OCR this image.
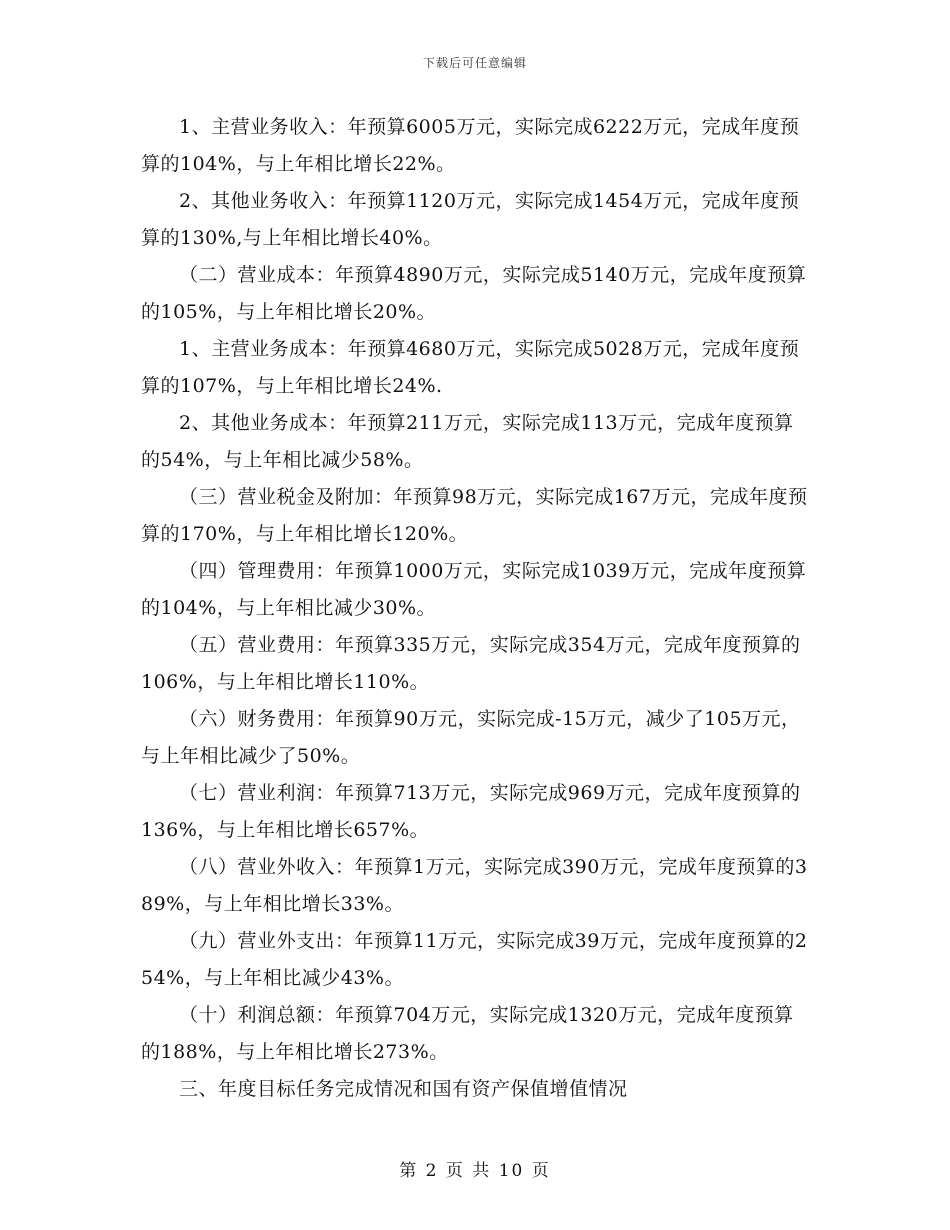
下载后可任意编辑

1、主营业务收入：年预算6005万元，实际完成6222万元，完成年度预算的104%，与上年相比增长22%。

2、其他业务收入：年预算1120万元，实际完成1454万元，完成年度预算的130%,与上年相比增长40%。

（二）营业成本：年预算4890万元，实际完成5140万元，完成年度预算的105%，与上年相比增长20%。

1、主营业务成本：年预算4680万元，实际完成5028万元，完成年度预算的107%，与上年相比增长24%.

2、其他业务成本：年预算211万元，实际完成113万元，完成年度预算的54%，与上年相比减少58%。

（三）营业税金及附加：年预算98万元，实际完成167万元，完成年度预算的170%，与上年相比增长120%。

（四）管理费用：年预算1000万元，实际完成1039万元，完成年度预算的104%，与上年相比减少30%。

（五）营业费用：年预算335万元，实际完成354万元，完成年度预算的106%，与上年相比增长110%。

（六）财务费用：年预算90万元，实际完成-15万元，减少了105万元，与上年相比减少了50%。

（七）营业利润：年预算713万元，实际完成969万元，完成年度预算的136%，与上年相比增长657%。

（八）营业外收入：年预算1万元，实际完成390万元，完成年度预算的389%，与上年相比增长33%。

（九）营业外支出：年预算11万元，实际完成39万元，完成年度预算的254%，与上年相比减少43%。

（十）利润总额：年预算704万元，实际完成1320万元，完成年度预算的188%，与上年相比增长273%。

三、年度目标任务完成情况和国有资产保值增值情况

第 2 页 共 10 页
